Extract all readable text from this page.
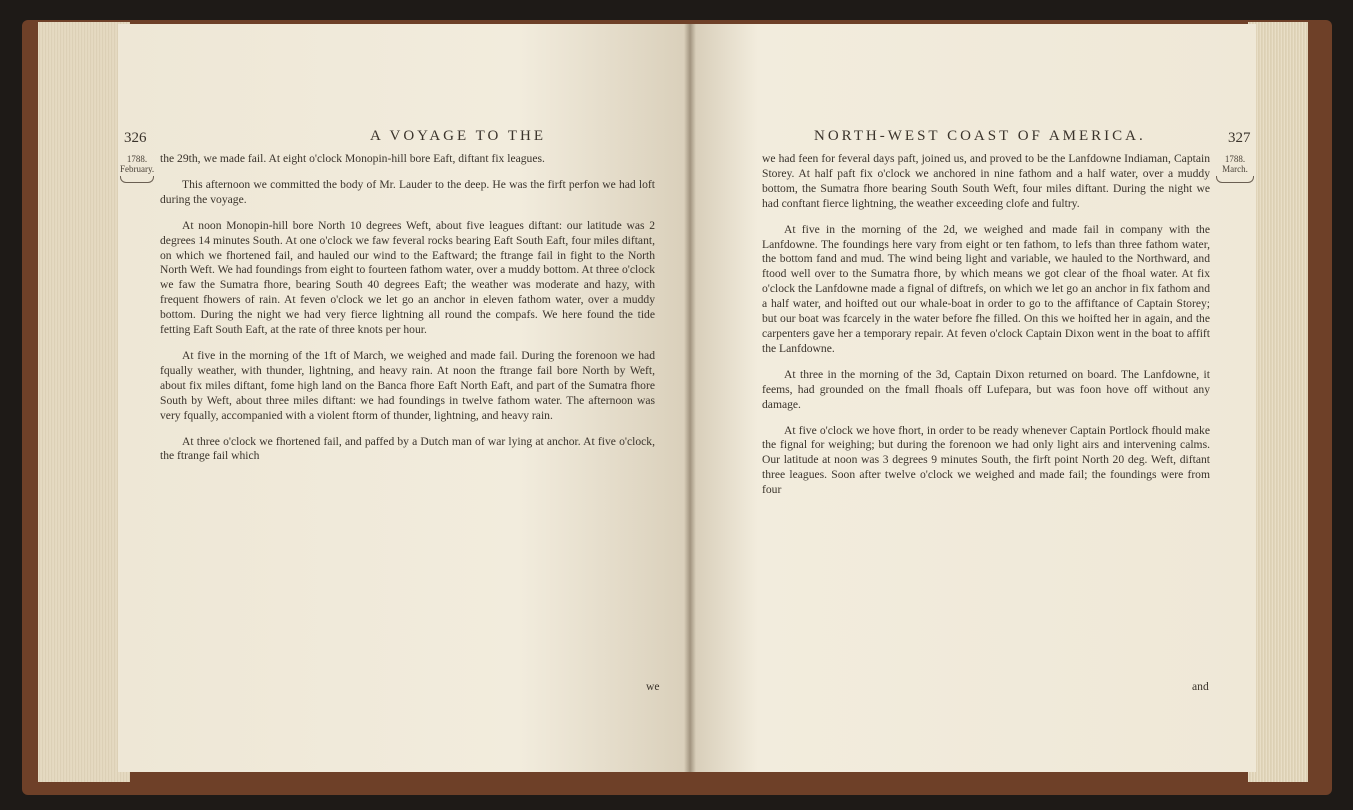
326	A VOYAGE TO THE
1788.
February.

the 29th, we made fail. At eight o'clock Monopin-hill bore Eaft, diftant fix leagues.

This afternoon we committed the body of Mr. Lauder to the deep. He was the firft perfon we had loft during the voyage.

At noon Monopin-hill bore North 10 degrees Weft, about five leagues diftant: our latitude was 2 degrees 14 minutes South. At one o'clock we faw feveral rocks bearing Eaft South Eaft, four miles diftant, on which we fhortened fail, and hauled our wind to the Eaftward; the ftrange fail in fight to the North North Weft. We had foundings from eight to fourteen fathom water, over a muddy bottom. At three o'clock we faw the Sumatra fhore, bearing South 40 degrees Eaft; the weather was moderate and hazy, with frequent fhowers of rain. At feven o'clock we let go an anchor in eleven fathom water, over a muddy bottom. During the night we had very fierce lightning all round the compafs. We here found the tide fetting Eaft South Eaft, at the rate of three knots per hour.

At five in the morning of the 1ft of March, we weighed and made fail. During the forenoon we had fqually weather, with thunder, lightning, and heavy rain. At noon the ftrange fail bore North by Weft, about fix miles diftant, fome high land on the Banca fhore Eaft North Eaft, and part of the Sumatra fhore South by Weft, about three miles diftant: we had foundings in twelve fathom water. The afternoon was very fqually, accompanied with a violent ftorm of thunder, lightning, and heavy rain.

At three o'clock we fhortened fail, and paffed by a Dutch man of war lying at anchor. At five o'clock, the ftrange fail which

we
NORTH-WEST COAST OF AMERICA.	327
1788.
March.

we had feen for feveral days paft, joined us, and proved to be the Lanfdowne Indiaman, Captain Storey. At half paft fix o'clock we anchored in nine fathom and a half water, over a muddy bottom, the Sumatra fhore bearing South South Weft, four miles diftant. During the night we had conftant fierce lightning, the weather exceeding clofe and fultry.

At five in the morning of the 2d, we weighed and made fail in company with the Lanfdowne. The foundings here vary from eight or ten fathom, to lefs than three fathom water, the bottom fand and mud. The wind being light and variable, we hauled to the Northward, and ftood well over to the Sumatra fhore, by which means we got clear of the fhoal water. At fix o'clock the Lanfdowne made a fignal of diftrefs, on which we let go an anchor in fix fathom and a half water, and hoifted out our whale-boat in order to go to the affiftance of Captain Storey; but our boat was fcarcely in the water before fhe filled. On this we hoifted her in again, and the carpenters gave her a temporary repair. At feven o'clock Captain Dixon went in the boat to affift the Lanfdowne.

At three in the morning of the 3d, Captain Dixon returned on board. The Lanfdowne, it feems, had grounded on the fmall fhoals off Lufepara, but was foon hove off without any damage.

At five o'clock we hove fhort, in order to be ready whenever Captain Portlock fhould make the fignal for weighing; but during the forenoon we had only light airs and intervening calms. Our latitude at noon was 3 degrees 9 minutes South, the firft point North 20 deg. Weft, diftant three leagues. Soon after twelve o'clock we weighed and made fail; the foundings were from four

and
